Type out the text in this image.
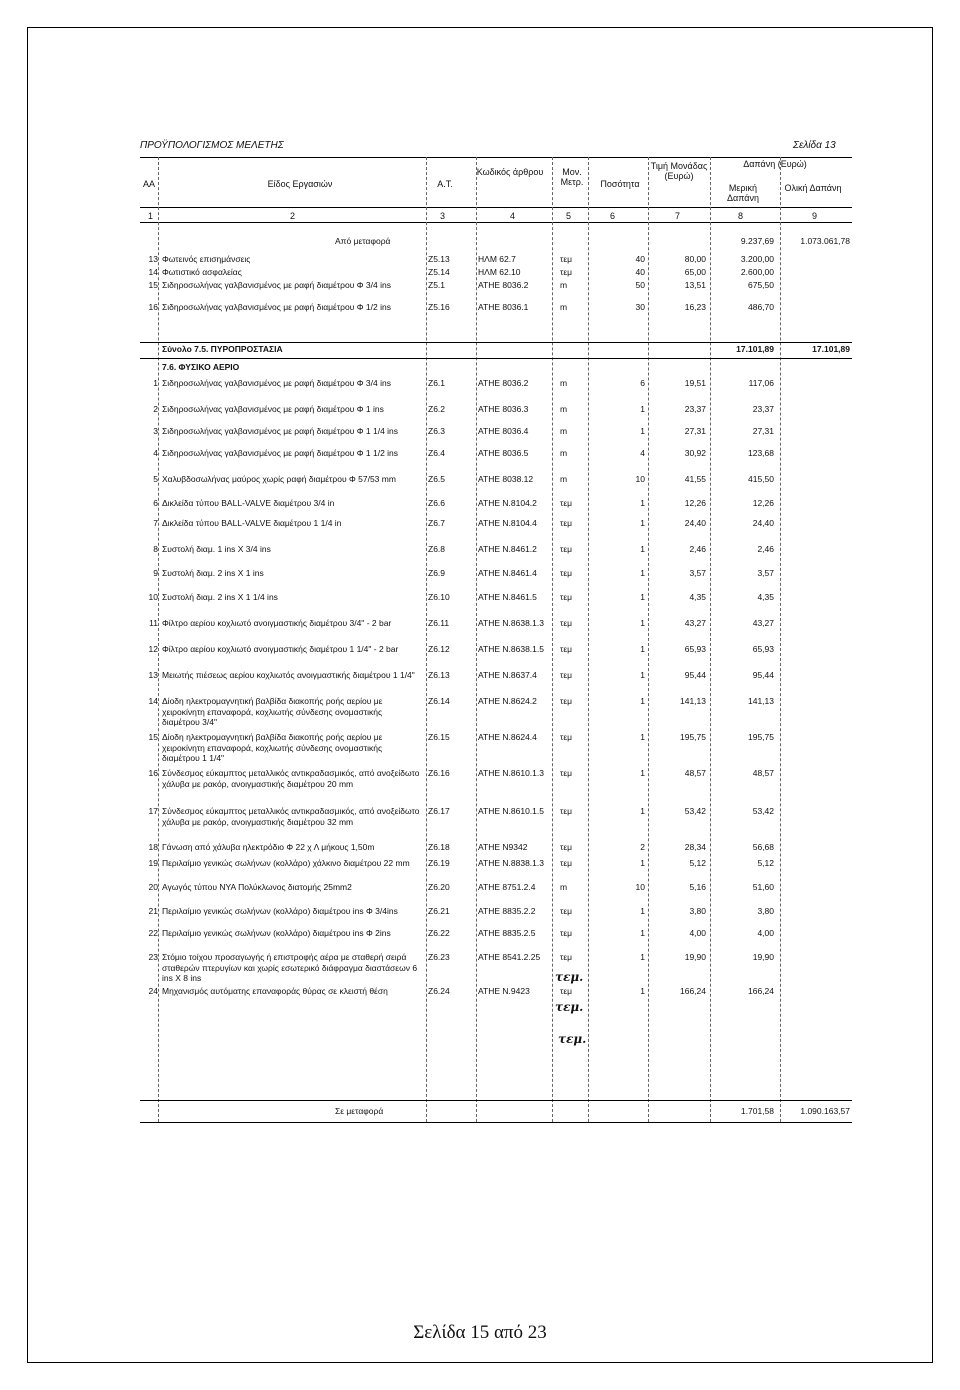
ΠΡΟΫΠΟΛΟΓΙΣΜΟΣ ΜΕΛΕΤΗΣ	Σελίδα 13
ΑΑ	Είδος Εργασιών	Α.Τ.
Κωδικός άρθρου	Μον. Μετρ.	Ποσότητα
Τιμή Μονάδας (Ευρώ)
Δαπάνη (Ευρώ)
Μερική Δαπάνη
Ολική Δαπάνη
1	2	3	4	5	6	7	8	9
Από μεταφορά	9.237,69	1.073.061,78
13 Φωτεινός επισημάνσεις	Ζ5.13	ΗΛΜ 62.7	τεμ	40	80,00	3.200,00
14 Φωτιστικό ασφαλείας	Ζ5.14	ΗΛΜ 62.10	τεμ	40	65,00	2.600,00
15 Σιδηροσωλήνας γαλβανισμένος με ραφή διαμέτρου Φ 3/4 ins	Ζ5.1	ΑΤΗΕ 8036.2	m	50	13,51	675,50
16 Σιδηροσωλήνας γαλβανισμένος με ραφή διαμέτρου Φ 1/2 ins	Ζ5.16	ΑΤΗΕ 8036.1	m	30	16,23	486,70
Σύνολο 7.5. ΠΥΡΟΠΡΟΣΤΑΣΙΑ	17.101,89	17.101,89
7.6. ΦΥΣΙΚΟ ΑΕΡΙΟ
1 Σιδηροσωλήνας γαλβανισμένος με ραφή διαμέτρου Φ 3/4 ins	Ζ6.1	ΑΤΗΕ 8036.2	m	6	19,51	117,06
2 Σιδηροσωλήνας γαλβανισμένος με ραφή διαμέτρου Φ 1 ins	Ζ6.2	ΑΤΗΕ 8036.3	m	1	23,37	23,37
3 Σιδηροσωλήνας γαλβανισμένος με ραφή διαμέτρου Φ 1 1/4 ins	Ζ6.3	ΑΤΗΕ 8036.4	m	1	27,31	27,31
4 Σιδηροσωλήνας γαλβανισμένος με ραφή διαμέτρου Φ 1 1/2 ins	Ζ6.4	ΑΤΗΕ 8036.5	m	4	30,92	123,68
5 Χαλυβδοσωλήνας μαύρος χωρίς ραφή διαμέτρου Φ 57/53 mm	Ζ6.5	ΑΤΗΕ 8038.12	m	10	41,55	415,50
6 Δικλείδα τύπου BALL-VALVE διαμέτρου 3/4 in	Ζ6.6	ΑΤΗΕ Ν.8104.2	τεμ	1	12,26	12,26
7 Δικλείδα τύπου BALL-VALVE διαμέτρου 1 1/4 in	Ζ6.7	ΑΤΗΕ Ν.8104.4	τεμ	1	24,40	24,40
8 Συστολή διαμ. 1 ins X 3/4 ins	Ζ6.8	ΑΤΗΕ Ν.8461.2	τεμ	1	2,46	2,46
9 Συστολή διαμ. 2 ins X 1 ins	Ζ6.9	ΑΤΗΕ Ν.8461.4	τεμ	1	3,57	3,57
10 Συστολή διαμ. 2 ins X 1 1/4 ins	Ζ6.10	ΑΤΗΕ Ν.8461.5	τεμ	1	4,35	4,35
11 Φίλτρο αερίου κοχλιωτό ανοιγμαστικής διαμέτρου 3/4" - 2 bar	Ζ6.11	ΑΤΗΕ Ν.8638.1.3	τεμ	1	43,27	43,27
12 Φίλτρο αερίου κοχλιωτό ανοιγμαστικής διαμέτρου 1 1/4" - 2 bar	Ζ6.12	ΑΤΗΕ Ν.8638.1.5	τεμ	1	65,93	65,93
13 Μειωτής πιέσεως αερίου κοχλιωτός ανοιγμαστικής διαμέτρου 1 1/4"	Ζ6.13	ΑΤΗΕ Ν.8637.4	τεμ	1	95,44	95,44
14 Δίοδη ηλεκτρομαγνητική βαλβίδα διακοπής ροής αερίου με χειροκίνητη επαναφορά, κοχλιωτής σύνδεσης ονομαστικής διαμέτρου 3/4"
Ζ6.14	ΑΤΗΕ Ν.8624.2	τεμ	1	141,13	141,13
15 Δίοδη ηλεκτρομαγνητική βαλβίδα διακοπής ροής αερίου με χειροκίνητη επαναφορά, κοχλιωτής σύνδεσης ονομαστικής διαμέτρου 1 1/4"
Ζ6.15	ΑΤΗΕ Ν.8624.4	τεμ	1	195,75	195,75
16 Σύνδεσμος εύκαμπτος μεταλλικός αντικραδασμικός, από ανοξείδωτο χάλυβα με ρακόρ, ανοιγμαστικής διαμέτρου 20 mm
Ζ6.16	ΑΤΗΕ Ν.8610.1.3	τεμ	1	48,57	48,57
17 Σύνδεσμος εύκαμπτος μεταλλικός αντικραδασμικός, από ανοξείδωτο χάλυβα με ρακόρ, ανοιγμαστικής διαμέτρου 32 mm
Ζ6.17	ΑΤΗΕ Ν.8610.1.5	τεμ	1	53,42	53,42
18 Γάνωση από χάλυβα ηλεκτρόδιο Φ 22 χ Λ μήκους 1,50m	Ζ6.18	ΑΤΗΕ Ν9342	τεμ	2	28,34	56,68
19 Περιλαίμιο γενικώς σωλήνων (κολλάρο) χάλκινο διαμέτρου 22 mm	Ζ6.19	ΑΤΗΕ Ν.8838.1.3	τεμ	1	5,12	5,12
20 Αγωγός τύπου NYA Πολύκλωνος διατομής 25mm2	Ζ6.20	ΑΤΗΕ 8751.2.4	m	10	5,16	51,60
21 Περιλαίμιο γενικώς σωλήνων (κολλάρο) διαμέτρου ins Φ 3/4ins	Ζ6.21	ΑΤΗΕ 8835.2.2	τεμ	1	3,80	3,80
22 Περιλαίμιο γενικώς σωλήνων (κολλάρο) διαμέτρου ins Φ 2ins	Ζ6.22	ΑΤΗΕ 8835.2.5	τεμ	1	4,00	4,00
23 Στόμιο τοίχου προσαγωγής ή επιστροφής αέρα με σταθερή σειρά σταθερών πτερυγίων και χωρίς εσωτερικό διάφραγμα διαστάσεων 6 ins X 8 ins
Ζ6.23	ΑΤΗΕ 8541.2.25	τεμ	1	19,90	19,90
24 Μηχανισμός αυτόματης επαναφοράς θύρας σε κλειστή θέση	Ζ6.24	ΑΤΗΕ Ν.9423	τεμ	1	166,24	166,24
τεμ.
τεμ.
τεμ.
Σε μεταφορά	1.701,58	1.090.163,57
Σελίδα 15 από 23
